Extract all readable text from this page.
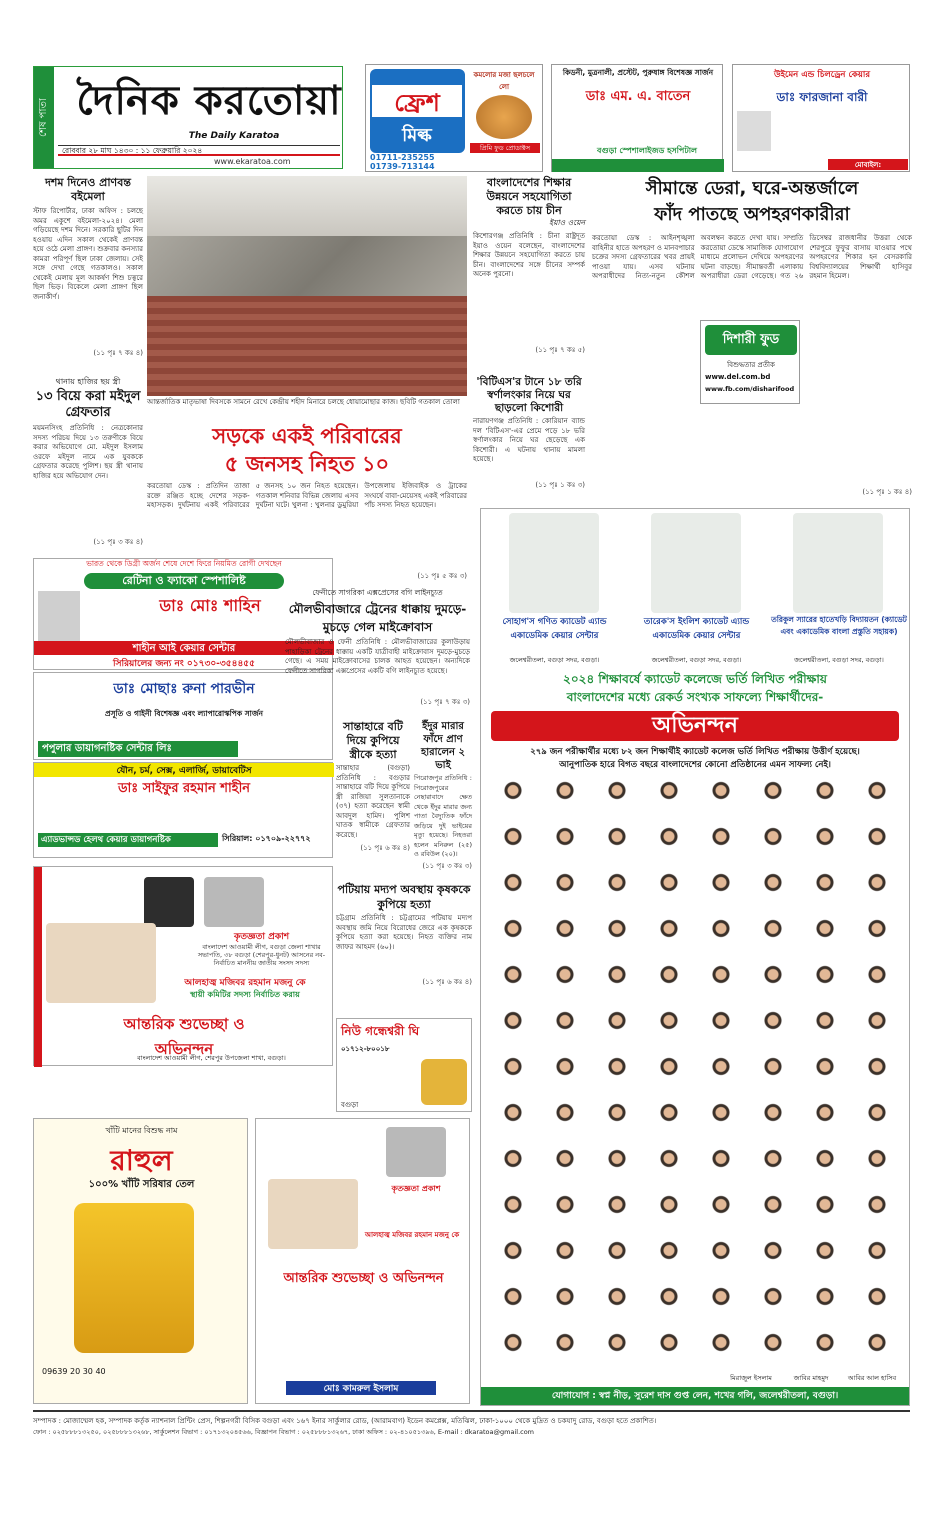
শেষ পাতা দৈনিক করতোয়া
The Daily Karatoa
রোববার ২৮ মাঘ ১৪৩০ : ১১ ফেব্রুয়ারি ২০২৪
www.ekaratoa.com
ফ্রেশ
মিল্ক
কমলোর মজা ছলচলে লো
প্রিমি ফুড প্রোডাক্টস
01711-235255
01739-713144
কিডনী, মুত্রনালী, প্রস্টেট, পুরুষাঙ্গ বিশেষজ্ঞ সার্জন
ডাঃ এম. এ. বাতেন
বগুড়া স্পেশালাইজড হসপিটাল
উইমেন এন্ড চিলড্রেন কেয়ার
ডাঃ ফারজানা বারী
মোবাইল: ০১৭৮৬-৭৯০১৭৬
দশম দিনেও প্রাণবন্ত বইমেলা
স্টাফ রিপোর্টার, ঢাকা অফিস : চলছে অমর একুশে বইমেলা-২০২৪। মেলা গড়িয়েছে দশম দিনে। সরকারি ছুটির দিন হওয়ায় এদিন সকাল থেকেই প্রাণবন্ত হয়ে ওঠে মেলা প্রাঙ্গণ। শুক্রবার কনস্যার কামরা পরিপূর্ণ ছিল ঢাকা জেলায়। সেই সঙ্গে দেখা গেছে গতকালও। সকাল থেকেই মেলায় মূল আকর্ষণ শিশু চত্বরে ছিল ভিড়। বিকেলে মেলা প্রাঙ্গণ ছিল জনাকীর্ণ।
(১১ পৃঃ ৭ কঃ ৪)
থানায় হাজির ছয় স্ত্রী
১৩ বিয়ে করা মইদুল গ্রেফতার
ময়মনসিংহ প্রতিনিধি : নেত্রকোনার সদস্য পরিচয় দিয়ে ১৩ তরুণীকে বিয়ে করার অভিযোগে মো. মইদুল ইসলাম ওরফে মইদুল নামে এক যুবককে গ্রেফতার করেছে পুলিশ। ছয় স্ত্রী থানায় হাজির হয়ে অভিযোগ দেন।
(১১ পৃঃ ৩ কঃ ৪)
আন্তর্জাতিক মাতৃভাষা দিবসকে সামনে রেখে কেন্দ্রীয় শহীদ মিনারে চলছে ধোয়ামোছার কাজ। ছবিটি গতকাল তোলা
সড়কে একই পরিবারের
৫ জনসহ নিহত ১০
করতোয়া ডেস্ক : প্রতিদিন তাজা রক্তে রঞ্জিত হচ্ছে দেশের সড়ক-মহাসড়ক। দুর্ঘটনায় একই পরিবারের ৫ জনসহ ১০ জন নিহত হয়েছেন। গতকাল শনিবার বিভিন্ন জেলায় এসব দুর্ঘটনা ঘটে। খুলনা : খুলনার ডুমুরিয়া উপজেলায় ইজিবাইক ও ট্রাকের সংঘর্ষে বাবা-মেয়েসহ একই পরিবারের পাঁচ সদস্য নিহত হয়েছেন।
(১১ পৃঃ ৫ কঃ ৩)
বাংলাদেশের শিক্ষার উন্নয়নে সহযোগিতা করতে চায় চীন
ইয়াও ওয়েন
কিশোরগঞ্জ প্রতিনিধি : চীনা রাষ্ট্রদূত ইয়াও ওয়েন বলেছেন, বাংলাদেশের শিক্ষার উন্নয়নে সহযোগিতা করতে চায় চীন। বাংলাদেশের সঙ্গে চীনের সম্পর্ক অনেক পুরনো।
(১১ পৃঃ ৭ কঃ ৫)
'বিটিএস'র টানে ১৮ তরি স্বর্ণালংকার নিয়ে ঘর ছাড়লো কিশোরী
নারায়ণগঞ্জ প্রতিনিধি : কোরিয়ান ব্যান্ড দল 'বিটিএস'-এর প্রেমে পড়ে ১৮ ভরি স্বর্ণালংকার নিয়ে ঘর ছেড়েছে এক কিশোরী। এ ঘটনায় থানায় মামলা হয়েছে।
(১১ পৃঃ ১ কঃ ৩)
সীমান্তে ডেরা, ঘরে-অন্তর্জালে
ফাঁদ পাতছে অপহরণকারীরা
করতোয়া ডেস্ক : আইনশৃঙ্খলা বাহিনীর হাতে অপহরণ ও মানবপাচার চক্রের সদস্য গ্রেফতারের খবর প্রায়ই পাওয়া যায়। এসব ঘটনায় অপরাধীদের নিত্য-নতুন কৌশল অবলম্বন করতে দেখা যায়। সম্প্রতি করতোয়া ডেস্কে সামাজিক যোগাযোগ মাধ্যমে প্রলোভন দেখিয়ে অপহরণের ঘটনা বাড়ছে। সীমান্তবর্তী এলাকায় অপরাধীরা ডেরা গেড়েছে। গত ২৬ ডিসেম্বর রাজধানীর উত্তরা থেকে শেরপুরে ফুফুর বাসায় যাওয়ার পথে অপহরণের শিকার হন বেসরকারি বিশ্ববিদ্যালয়ের শিক্ষার্থী হাসিবুর রহমান হিমেল।
(১১ পৃঃ ১ কঃ ৪)
দিশারী ফুড
বিশুদ্ধতার প্রতীক
www.del.com.bd
www.fb.com/disharifood
ভারত থেকে ডিগ্রী অর্জন শেষে দেশে ফিরে নিয়মিত রোগী দেখছেন
রেটিনা ও ফ্যাকো স্পেশালিষ্ট
ডাঃ মোঃ শাহিন
শাহীন আই কেয়ার সেন্টার
সিরিয়ালের জন্য নং ০১৭৩০-৩৫৪৪৫৫
ডাঃ মোছাঃ রুনা পারভীন
প্রসূতি ও গাইনী বিশেষজ্ঞ এবং ল্যাপারোস্কপিক সার্জন
পপুলার ডায়াগনষ্টিক সেন্টার লিঃ
যৌন, চর্ম, সেক্স, এলার্জি, ডায়াবেটিস
ডাঃ সাইফুর রহমান শাহীন
এ্যাডভান্সড হেলথ কেয়ার ডায়াগনষ্টিক	সিরিয়াল: ০১৭০৯-২২৭৭২
ফেনীতে সাগরিকা এক্সপ্রেসের বগি লাইনচ্যুত
মৌলভীবাজারে ট্রেনের ধাক্কায় দুমড়ে-মুচড়ে গেল মাইক্রোবাস
মৌলভীবাজার ও ফেনী প্রতিনিধি : মৌলভীবাজারের কুলাউড়ায় পাহাড়িকা ট্রেনের ধাক্কায় একটি যাত্রীবাহী মাইক্রোবাস দুমড়ে-মুচড়ে গেছে। এ সময় মাইক্রোবাসের চালক আহত হয়েছেন। অন্যদিকে ফেনীতে সাগরিকা এক্সপ্রেসের একটি বগি লাইনচ্যুত হয়েছে।
(১১ পৃঃ ৭ কঃ ৩)
সান্তাহারে বটি দিয়ে কুপিয়ে স্ত্রীকে হত্যা
সান্তাহার (বগুড়া) প্রতিনিধি : বগুড়ার সান্তাহারে বটি দিয়ে কুপিয়ে স্ত্রী রাজিয়া সুলতানাকে (৩৭) হত্যা করেছেন স্বামী আবদুল হামিদ। পুলিশ ঘাতক স্বামীকে গ্রেফতার করেছে।
(১১ পৃঃ ৬ কঃ ৪)
ইঁদুর মারার ফাঁদে প্রাণ হারালেন ২ ভাই
পিরোজপুর প্রতিনিধি : পিরোজপুরের নেছারাবাদে ক্ষেত থেকে ইঁদুর মারার জন্য পাতা বৈদ্যুতিক ফাঁদে জড়িয়ে দুই ভাইয়ের মৃত্যু হয়েছে। নিহতরা হলেন মনিরুল (২৫) ও রবিউল (২০)।
(১১ পৃঃ ৩ কঃ ৩)
পটিয়ায় মদ্যপ অবস্থায় কৃষককে কুপিয়ে হত্যা
চট্টগ্রাম প্রতিনিধি : চট্টগ্রামের পটিয়ায় মদ্যপ অবস্থায় জমি নিয়ে বিরোধের জেরে এক কৃষককে কুপিয়ে হত্যা করা হয়েছে। নিহত ব্যক্তির নাম জাফর আহমদ (৬০)।
(১১ পৃঃ ৬ কঃ ৪)
কৃতজ্ঞতা প্রকাশ
বাংলাদেশ আওয়ামী লীগ, বগুড়া জেলা শাখার সভাপতি, ৩৮ বগুড়া (শেরপুর-ধুনট) আসনের নব-নির্বাচিত মাননীয় জাতীয় সংসদ সদস্য
আলহাজ্ব মজিবর রহমান মজনু কে
স্থায়ী কমিটির সদস্য নির্বাচিত করায়
আন্তরিক শুভেচ্ছা ও অভিনন্দন
বাংলাদেশ আওয়ামী লীগ, শেরপুর উপজেলা শাখা, বগুড়া।
নিউ গন্ধেশ্বরী ঘি
০১৭১২-৮০০১৮
বগুড়া
খাঁটি মানের বিশুদ্ধ নাম
রাহুল
১০০% খাঁটি সরিষার তেল
09639 20 30 40
কৃতজ্ঞতা প্রকাশ
আলহাজ্ব মজিবর রহমান মজনু কে
আন্তরিক শুভেচ্ছা ও অভিনন্দন
মোঃ কামরুল ইসলাম
সোহাগ'স গণিত ক্যাডেট এ্যান্ড একাডেমিক কেয়ার সেন্টার
তারেক'স ইংলিশ ক্যাডেট এ্যান্ড একাডেমিক কেয়ার সেন্টার
তরিকুল স্যারের হাতেখড়ি বিদ্যায়তন (ক্যাডেট এবং একাডেমিক বাংলা প্রস্তুতি সহায়ক)
জলেশ্বরীতলা, বগুড়া সদর, বগুড়া।	জলেশ্বরীতলা, বগুড়া সদর, বগুড়া।	জলেশ্বরীতলা, বগুড়া সদর, বগুড়া।
২০২৪ শিক্ষাবর্ষে ক্যাডেট কলেজে ভর্তি লিখিত পরীক্ষায়
বাংলাদেশের মধ্যে রেকর্ড সংখ্যক সাফল্যে শিক্ষার্থীদের-
অভিনন্দন
২৭৯ জন পরীক্ষার্থীর মধ্যে ৮২ জন শিক্ষার্থীই ক্যাডেট কলেজ ভর্তি লিখিত পরীক্ষায় উত্তীর্ণ হয়েছে।
আনুপাতিক হারে বিগত বছরে বাংলাদেশের কোনো প্রতিষ্ঠানের এমন সাফল্য নেই।
মিরাজুল ইসলাম	জাবির মাহমুদ	আবির আল হাসিব
যোগাযোগ : স্বপ্ন নীড়, সুরেশ দাস গুপ্ত লেন, শখের গলি, জলেশ্বরীতলা, বগুড়া।
সম্পাদক : মোজাম্মেল হক, সম্পাদক কর্তৃক ন্যাশনাল প্রিন্টিং প্রেস, শিল্পনগরী বিসিক বগুড়া এবং ১৬৭ ইনার সার্কুলার রোড, (আরামবাগ) ইডেন কমপ্লেক্স, মতিঝিল, ঢাকা-১০০০ থেকে মুদ্রিত ও চকযাদু রোড, বগুড়া হতে প্রকাশিত।
ফোন : ০২৫৮৮৮১৩২৫০, ০২৫৮৮৮১৩২৬৮, সার্কুলেশন বিভাগ : ০১৭১৩২০৪৫৬৬, বিজ্ঞাপন বিভাগ : ০২৫৮৮৮১৩২৬৭, ঢাকা অফিস : ০২-৪১০৫১৩৯৬, E-mail : dkaratoa@gmail.com
